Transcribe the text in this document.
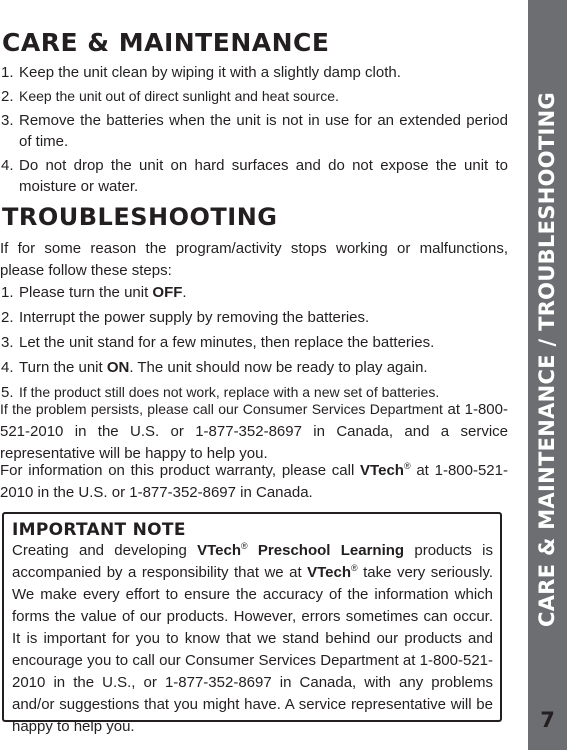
CARE & MAINTENANCE
1. Keep the unit clean by wiping it with a slightly damp cloth.
2. Keep the unit out of direct sunlight and heat source.
3. Remove the batteries when the unit is not in use for an extended period of time.
4. Do not drop the unit on hard surfaces and do not expose the unit to moisture or water.
TROUBLESHOOTING

If for some reason the program/activity stops working or malfunctions, please follow these steps:

1. Please turn the unit OFF.
2. Interrupt the power supply by removing the batteries.
3. Let the unit stand for a few minutes, then replace the batteries.
4. Turn the unit ON. The unit should now be ready to play again.
5. If the product still does not work, replace with a new set of batteries.

If the problem persists, please call our Consumer Services Department at 1-800-521-2010 in the U.S. or 1-877-352-8697 in Canada, and a service representative will be happy to help you.

For information on this product warranty, please call VTech® at 1-800-521-2010 in the U.S. or 1-877-352-8697 in Canada.

IMPORTANT NOTE

Creating and developing VTech® Preschool Learning products is accompanied by a responsibility that we at VTech® take very seriously. We make every effort to ensure the accuracy of the information which forms the value of our products. However, errors sometimes can occur. It is important for you to know that we stand behind our products and encourage you to call our Consumer Services Department at 1-800-521-2010 in the U.S., or 1-877-352-8697 in Canada, with any problems and/or suggestions that you might have. A service representative will be happy to help you.

CARE & MAINTENANCE / TROUBLESHOOTING
7
